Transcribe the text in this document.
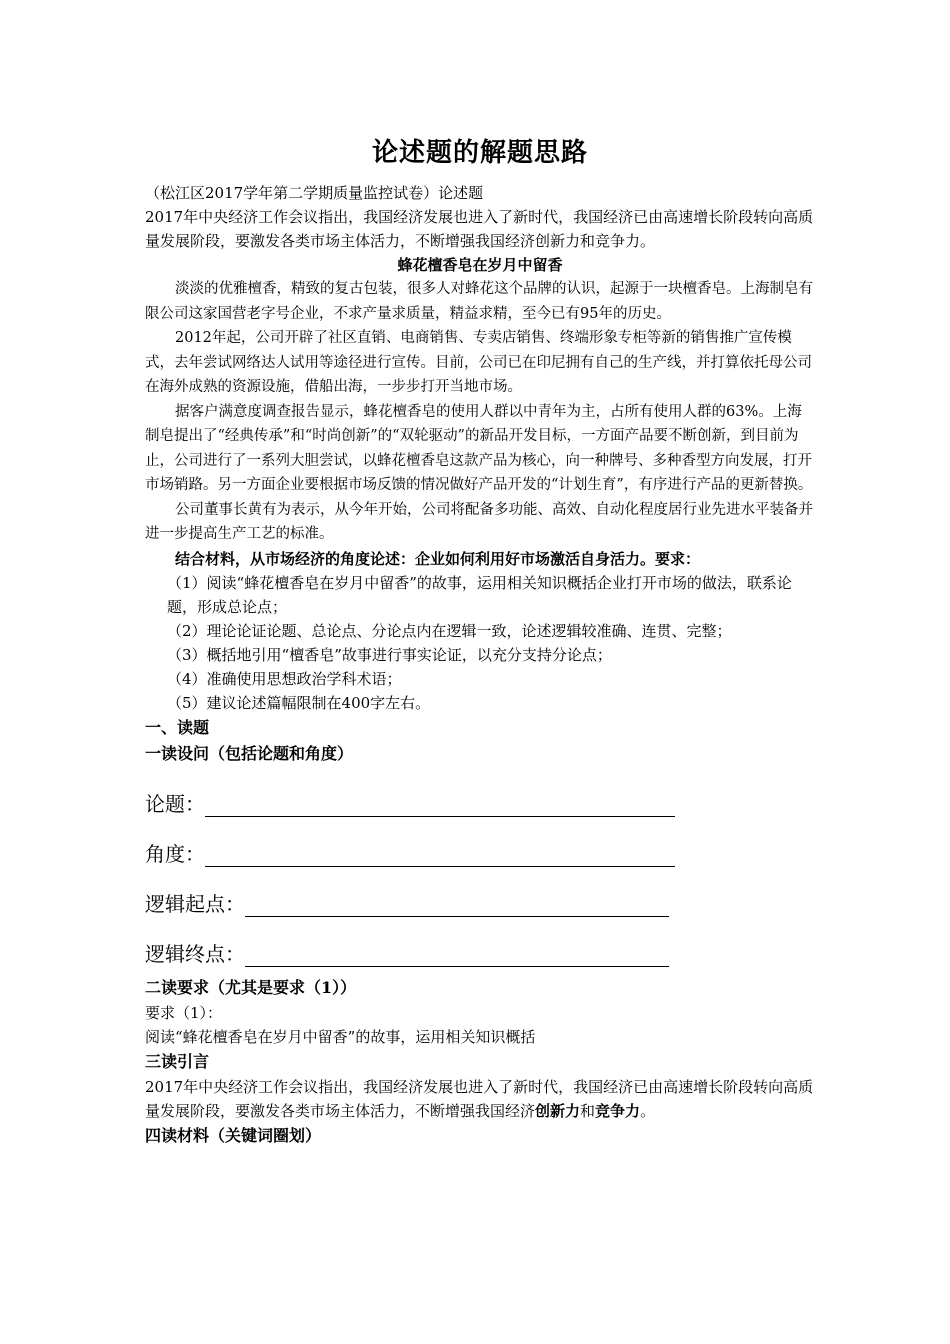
论述题的解题思路

（松江区2017学年第二学期质量监控试卷）论述题

2017年中央经济工作会议指出，我国经济发展也进入了新时代，我国经济已由高速增长阶段转向高质量发展阶段，要激发各类市场主体活力，不断增强我国经济创新力和竞争力。

蜂花檀香皂在岁月中留香

淡淡的优雅檀香，精致的复古包装，很多人对蜂花这个品牌的认识，起源于一块檀香皂。上海制皂有限公司这家国营老字号企业，不求产量求质量，精益求精，至今已有95年的历史。

2012年起，公司开辟了社区直销、电商销售、专卖店销售、终端形象专柜等新的销售推广宣传模式，去年尝试网络达人试用等途径进行宣传。目前，公司已在印尼拥有自己的生产线，并打算依托母公司在海外成熟的资源设施，借船出海，一步步打开当地市场。

据客户满意度调查报告显示，蜂花檀香皂的使用人群以中青年为主，占所有使用人群的63%。上海制皂提出了“经典传承”和“时尚创新”的“双轮驱动”的新品开发目标，一方面产品要不断创新，到目前为止，公司进行了一系列大胆尝试，以蜂花檀香皂这款产品为核心，向一种牌号、多种香型方向发展，打开市场销路。另一方面企业要根据市场反馈的情况做好产品开发的“计划生育”，有序进行产品的更新替换。

公司董事长黄有为表示，从今年开始，公司将配备多功能、高效、自动化程度居行业先进水平装备并进一步提高生产工艺的标准。

结合材料，从市场经济的角度论述：企业如何利用好市场激活自身活力。要求：

（1）阅读“蜂花檀香皂在岁月中留香”的故事，运用相关知识概括企业打开市场的做法，联系论题，形成总论点；

（2）理论论证论题、总论点、分论点内在逻辑一致，论述逻辑较准确、连贯、完整；

（3）概括地引用“檀香皂”故事进行事实论证，以充分支持分论点；

（4）准确使用思想政治学科术语；

（5）建议论述篇幅限制在400字左右。

一、读题
一读设问（包括论题和角度）
论题：
角度：
逻辑起点：
逻辑终点：
二读要求（尤其是要求（1））

要求（1）：

阅读“蜂花檀香皂在岁月中留香”的故事，运用相关知识概括

三读引言

2017年中央经济工作会议指出，我国经济发展也进入了新时代，我国经济已由高速增长阶段转向高质量发展阶段，要激发各类市场主体活力，不断增强我国经济创新力和竞争力。

四读材料（关键词圈划）
